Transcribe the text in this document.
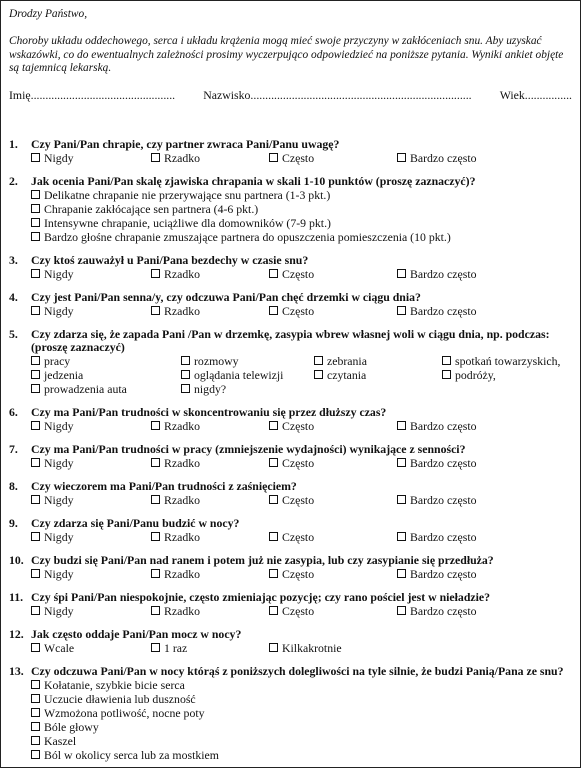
Drodzy Państwo,
Choroby układu oddechowego, serca i układu krążenia mogą mieć swoje przyczyny w zakłóceniach snu. Aby uzyskać wskazówki, co do ewentualnych zależności prosimy wyczerpująco odpowiedzieć na poniższe pytania. Wyniki ankiet objęte są tajemnicą lekarską.
Imię................................................. Nazwisko........................................................................... Wiek................
1.	Czy Pani/Pan chrapie, czy partner zwraca Pani/Panu uwagę?
Nigdy	Rzadko	Często	Bardzo często
2.	Jak ocenia Pani/Pan skalę zjawiska chrapania w skali 1-10 punktów (proszę zaznaczyć)?
Delikatne chrapanie nie przerywające snu partnera (1-3 pkt.)
Chrapanie zakłócające sen partnera (4-6 pkt.)
Intensywne chrapanie, uciążliwe dla domowników (7-9 pkt.)
Bardzo głośne chrapanie zmuszające partnera do opuszczenia pomieszczenia (10 pkt.)
3.	Czy ktoś zauważył u Pani/Pana bezdechy w czasie snu?
Nigdy	Rzadko	Często	Bardzo często
4.	Czy jest Pani/Pan senna/y, czy odczuwa Pani/Pan chęć drzemki w ciągu dnia?
Nigdy	Rzadko	Często	Bardzo często
5.	Czy zdarza się, że zapada Pani /Pan w drzemkę, zasypia wbrew własnej woli w ciągu dnia, np. podczas: (proszę zaznaczyć)
pracy	rozmowy	zebrania	spotkań towarzyskich,
jedzenia	oglądania telewizji	czytania	podróży,
prowadzenia auta	nigdy?
6.	Czy ma Pani/Pan trudności w skoncentrowaniu się przez dłuższy czas?
Nigdy	Rzadko	Często	Bardzo często
7.	Czy ma Pani/Pan trudności w pracy (zmniejszenie wydajności) wynikające z senności?
Nigdy	Rzadko	Często	Bardzo często
8.	Czy wieczorem ma Pani/Pan trudności z zaśnięciem?
Nigdy	Rzadko	Często	Bardzo często
9.	Czy zdarza się Pani/Panu budzić w nocy?
Nigdy	Rzadko	Często	Bardzo często
10. Czy budzi się Pani/Pan nad ranem i potem już nie zasypia, lub czy zasypianie się przedłuża?
Nigdy	Rzadko	Często	Bardzo często
11. Czy śpi Pani/Pan niespokojnie, często zmieniając pozycję; czy rano pościel jest w nieładzie?
Nigdy	Rzadko	Często	Bardzo często
12. Jak często oddaje Pani/Pan mocz w nocy?
Wcale	1 raz	Kilkakrotnie
13. Czy odczuwa Pani/Pan w nocy którąś z poniższych dolegliwości na tyle silnie, że budzi Panią/Pana ze snu?
Kołatanie, szybkie bicie serca
Uczucie dławienia lub duszność
Wzmożona potliwość, nocne poty
Bóle głowy
Kaszel
Ból w okolicy serca lub za mostkiem
